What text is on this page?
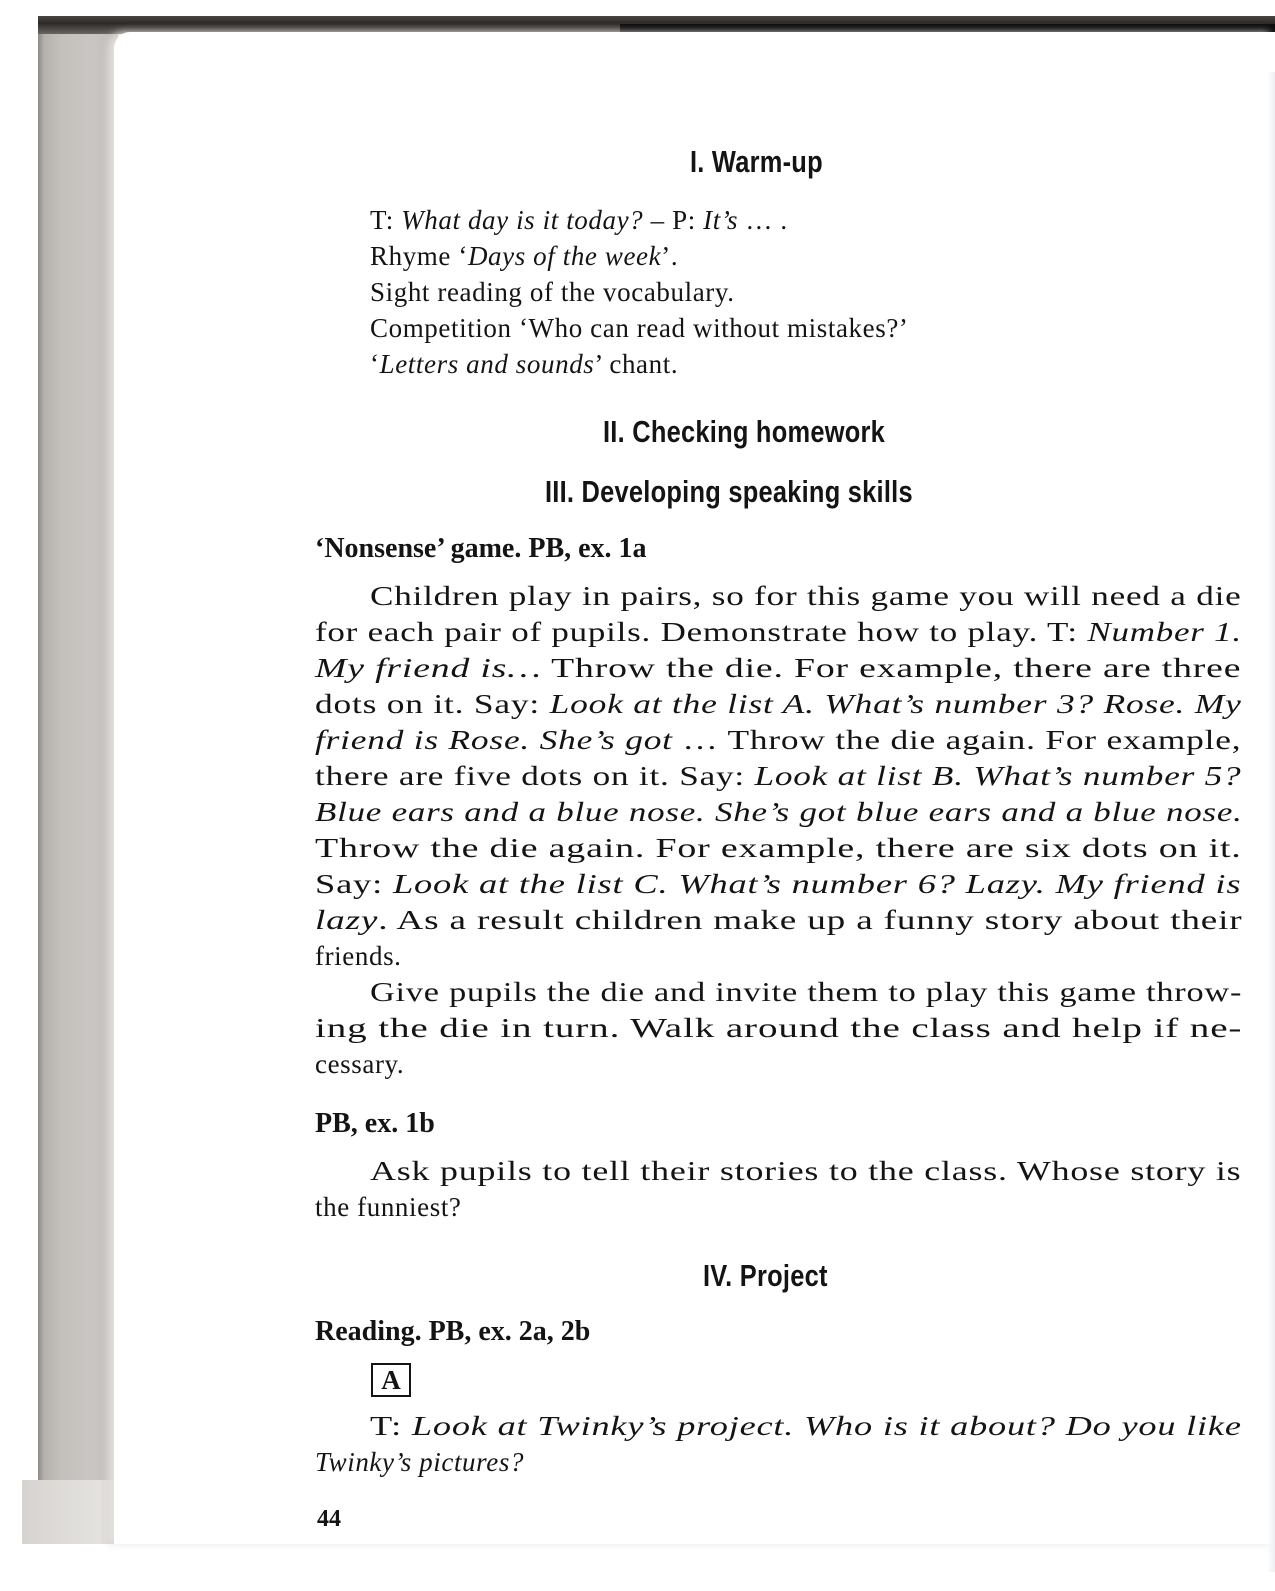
I. Warm-up
T: What day is it today? – P: It’s … .
Rhyme ‘Days of the week’.
Sight reading of the vocabulary.
Competition ‘Who can read without mistakes?’
‘Letters and sounds’ chant.
II. Checking homework
III. Developing speaking skills
‘Nonsense’ game. PB, ex. 1a
Children play in pairs, so for this game you will need a die
for each pair of pupils. Demonstrate how to play. T: Number 1.
My friend is… Throw the die. For example, there are three
dots on it. Say: Look at the list A. What’s number 3? Rose. My
friend is Rose. She’s got … Throw the die again. For example,
there are five dots on it. Say: Look at list B. What’s number 5?
Blue ears and a blue nose. She’s got blue ears and a blue nose.
Throw the die again. For example, there are six dots on it.
Say: Look at the list C. What’s number 6? Lazy. My friend is
lazy. As a result children make up a funny story about their
friends.
Give pupils the die and invite them to play this game throw-
ing the die in turn. Walk around the class and help if ne-
cessary.
PB, ex. 1b
Ask pupils to tell their stories to the class. Whose story is
the funniest?
IV. Project
Reading. PB, ex. 2a, 2b
A
T: Look at Twinky’s project. Who is it about? Do you like
Twinky’s pictures?
44
